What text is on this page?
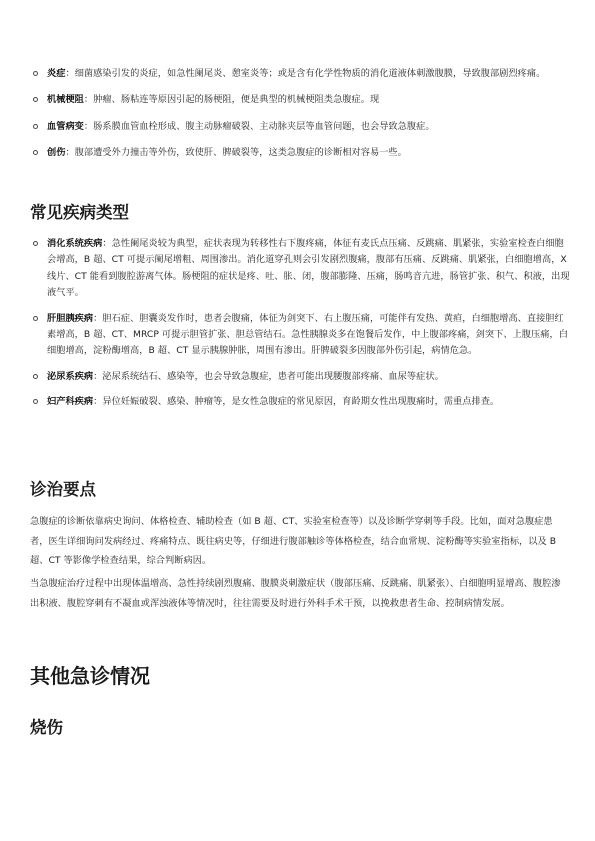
炎症：细菌感染引发的炎症，如急性阑尾炎、憩室炎等；或是含有化学性物质的消化道液体刺激腹膜，导致腹部剧烈疼痛。
机械梗阻：肿瘤、肠粘连等原因引起的肠梗阻，便是典型的机械梗阻类急腹症。现
血管病变：肠系膜血管血栓形成、腹主动脉瘤破裂、主动脉夹层等血管问题，也会导致急腹症。
创伤：腹部遭受外力撞击等外伤，致使肝、脾破裂等，这类急腹症的诊断相对容易一些。
常见疾病类型
消化系统疾病：急性阑尾炎较为典型，症状表现为转移性右下腹疼痛，体征有麦氏点压痛、反跳痛、肌紧张，实验室检查白细胞会增高，B 超、CT 可提示阑尾增粗、周围渗出。消化道穿孔则会引发剧烈腹痛，腹部有压痛、反跳痛、肌紧张，白细胞增高，X 线片、CT 能看到腹腔游离气体。肠梗阻的症状是疼、吐、胀、闭，腹部膨隆、压痛，肠鸣音亢进，肠管扩张、积气、积液，出现液气平。
肝胆胰疾病：胆石症、胆囊炎发作时，患者会腹痛，体征为剑突下、右上腹压痛，可能伴有发热、黄疸，白细胞增高、直接胆红素增高，B 超、CT、MRCP 可提示胆管扩张、胆总管结石。急性胰腺炎多在饱餐后发作，中上腹部疼痛，剑突下、上腹压痛，白细胞增高，淀粉酶增高，B 超、CT 显示胰腺肿胀，周围有渗出。肝脾破裂多因腹部外伤引起，病情危急。
泌尿系疾病：泌尿系统结石、感染等，也会导致急腹症，患者可能出现腰腹部疼痛、血尿等症状。
妇产科疾病：异位妊娠破裂、感染、肿瘤等，是女性急腹症的常见原因，育龄期女性出现腹痛时，需重点排查。
诊治要点

急腹症的诊断依靠病史询问、体格检查、辅助检查（如 B 超、CT、实验室检查等）以及诊断学穿刺等手段。比如，面对急腹症患者，医生详细询问发病经过、疼痛特点、既往病史等，仔细进行腹部触诊等体格检查，结合血常规、淀粉酶等实验室指标，以及 B 超、CT 等影像学检查结果，综合判断病因。

当急腹症治疗过程中出现体温增高、急性持续剧烈腹痛、腹膜炎刺激症状（腹部压痛、反跳痛、肌紧张）、白细胞明显增高、腹腔渗出积液、腹腔穿刺有不凝血或浑浊液体等情况时，往往需要及时进行外科手术干预，以挽救患者生命、控制病情发展。

其他急诊情况
烧伤
